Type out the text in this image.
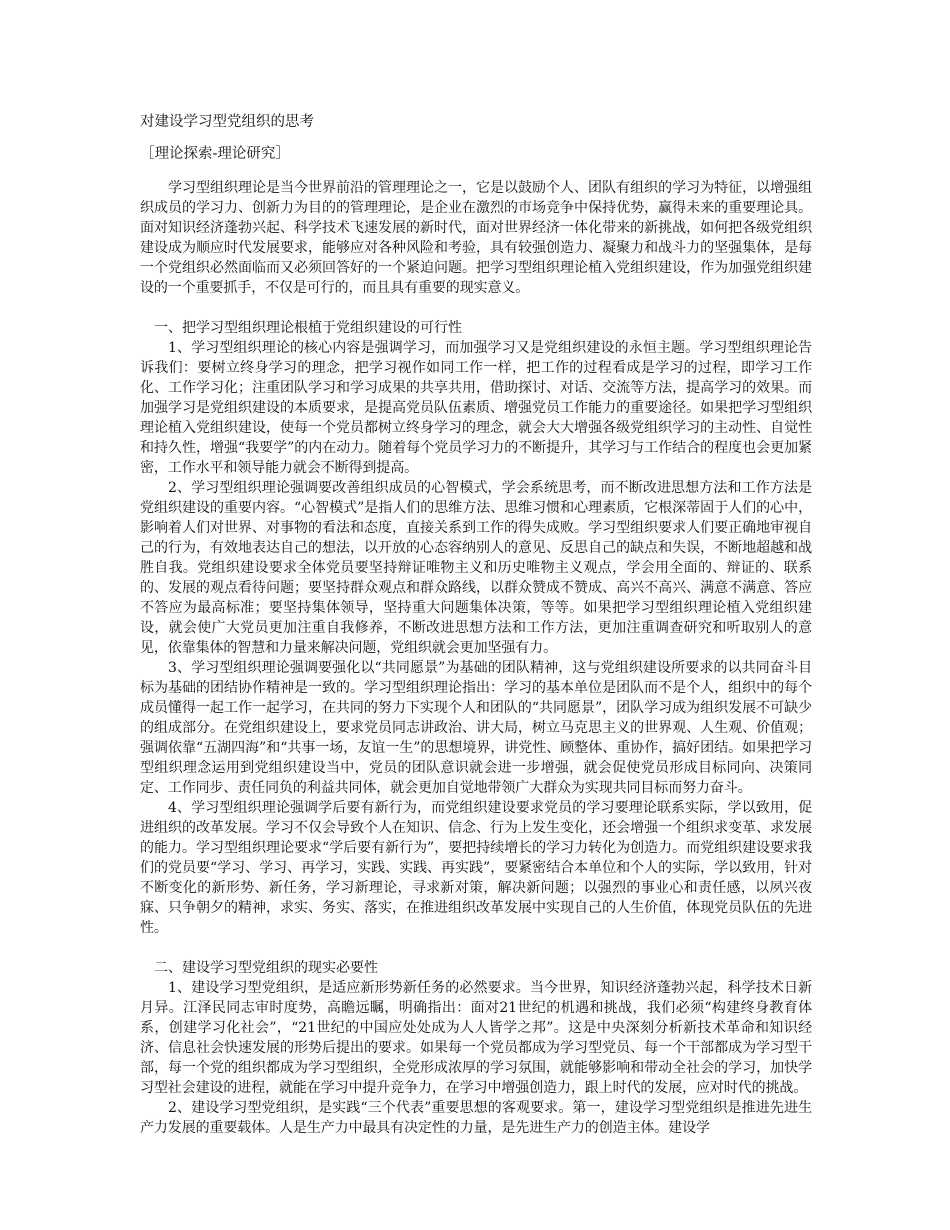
对建设学习型党组织的思考
［理论探索-理论研究］

学习型组织理论是当今世界前沿的管理理论之一，它是以鼓励个人、团队有组织的学习为特征，以增强组织成员的学习力、创新力为目的的管理理论，是企业在激烈的市场竞争中保持优势，赢得未来的重要理论具。面对知识经济蓬勃兴起、科学技术飞速发展的新时代，面对世界经济一体化带来的新挑战，如何把各级党组织建设成为顺应时代发展要求，能够应对各种风险和考验，具有较强创造力、凝聚力和战斗力的坚强集体，是每一个党组织必然面临而又必须回答好的一个紧迫问题。把学习型组织理论植入党组织建设，作为加强党组织建设的一个重要抓手，不仅是可行的，而且具有重要的现实意义。

一、把学习型组织理论根植于党组织建设的可行性

1、学习型组织理论的核心内容是强调学习，而加强学习又是党组织建设的永恒主题。学习型组织理论告诉我们：要树立终身学习的理念，把学习视作如同工作一样，把工作的过程看成是学习的过程，即学习工作化、工作学习化；注重团队学习和学习成果的共享共用，借助探讨、对话、交流等方法，提高学习的效果。而加强学习是党组织建设的本质要求，是提高党员队伍素质、增强党员工作能力的重要途径。如果把学习型组织理论植入党组织建设，使每一个党员都树立终身学习的理念，就会大大增强各级党组织学习的主动性、自觉性和持久性，增强“我要学”的内在动力。随着每个党员学习力的不断提升，其学习与工作结合的程度也会更加紧密，工作水平和领导能力就会不断得到提高。

2、学习型组织理论强调要改善组织成员的心智模式，学会系统思考，而不断改进思想方法和工作方法是党组织建设的重要内容。“心智模式”是指人们的思维方法、思维习惯和心理素质，它根深蒂固于人们的心中，影响着人们对世界、对事物的看法和态度，直接关系到工作的得失成败。学习型组织要求人们要正确地审视自己的行为，有效地表达自己的想法，以开放的心态容纳别人的意见、反思自己的缺点和失误，不断地超越和战胜自我。党组织建设要求全体党员要坚持辩证唯物主义和历史唯物主义观点，学会用全面的、辩证的、联系的、发展的观点看待问题；要坚持群众观点和群众路线，以群众赞成不赞成、高兴不高兴、满意不满意、答应不答应为最高标准；要坚持集体领导，坚持重大问题集体决策，等等。如果把学习型组织理论植入党组织建设，就会使广大党员更加注重自我修养，不断改进思想方法和工作方法，更加注重调查研究和听取别人的意见，依靠集体的智慧和力量来解决问题，党组织就会更加坚强有力。

3、学习型组织理论强调要强化以“共同愿景”为基础的团队精神，这与党组织建设所要求的以共同奋斗目标为基础的团结协作精神是一致的。学习型组织理论指出：学习的基本单位是团队而不是个人，组织中的每个成员懂得一起工作一起学习，在共同的努力下实现个人和团队的“共同愿景”，团队学习成为组织发展不可缺少的组成部分。在党组织建设上，要求党员同志讲政治、讲大局，树立马克思主义的世界观、人生观、价值观；强调依靠“五湖四海”和“共事一场，友谊一生”的思想境界，讲党性、顾整体、重协作，搞好团结。如果把学习型组织理念运用到党组织建设当中，党员的团队意识就会进一步增强，就会促使党员形成目标同向、决策同定、工作同步、责任同负的利益共同体，就会更加自觉地带领广大群众为实现共同目标而努力奋斗。

4、学习型组织理论强调学后要有新行为，而党组织建设要求党员的学习要理论联系实际，学以致用，促进组织的改革发展。学习不仅会导致个人在知识、信念、行为上发生变化，还会增强一个组织求变革、求发展的能力。学习型组织理论要求“学后要有新行为”，要把持续增长的学习力转化为创造力。而党组织建设要求我们的党员要“学习、学习、再学习，实践、实践、再实践”，要紧密结合本单位和个人的实际，学以致用，针对不断变化的新形势、新任务，学习新理论，寻求新对策，解决新问题；以强烈的事业心和责任感，以夙兴夜寐、只争朝夕的精神，求实、务实、落实，在推进组织改革发展中实现自己的人生价值，体现党员队伍的先进性。

二、建设学习型党组织的现实必要性

1、建设学习型党组织，是适应新形势新任务的必然要求。当今世界，知识经济蓬勃兴起，科学技术日新月异。江泽民同志审时度势，高瞻远瞩，明确指出：面对21世纪的机遇和挑战，我们必须“构建终身教育体系，创建学习化社会”，“21世纪的中国应处处成为人人皆学之邦”。这是中央深刻分析新技术革命和知识经济、信息社会快速发展的形势后提出的要求。如果每一个党员都成为学习型党员、每一个干部都成为学习型干部，每一个党的组织都成为学习型组织，全党形成浓厚的学习氛围，就能够影响和带动全社会的学习，加快学习型社会建设的进程，就能在学习中提升竞争力，在学习中增强创造力，跟上时代的发展，应对时代的挑战。

2、建设学习型党组织，是实践“三个代表”重要思想的客观要求。第一，建设学习型党组织是推进先进生产力发展的重要载体。人是生产力中最具有决定性的力量，是先进生产力的创造主体。建设学
